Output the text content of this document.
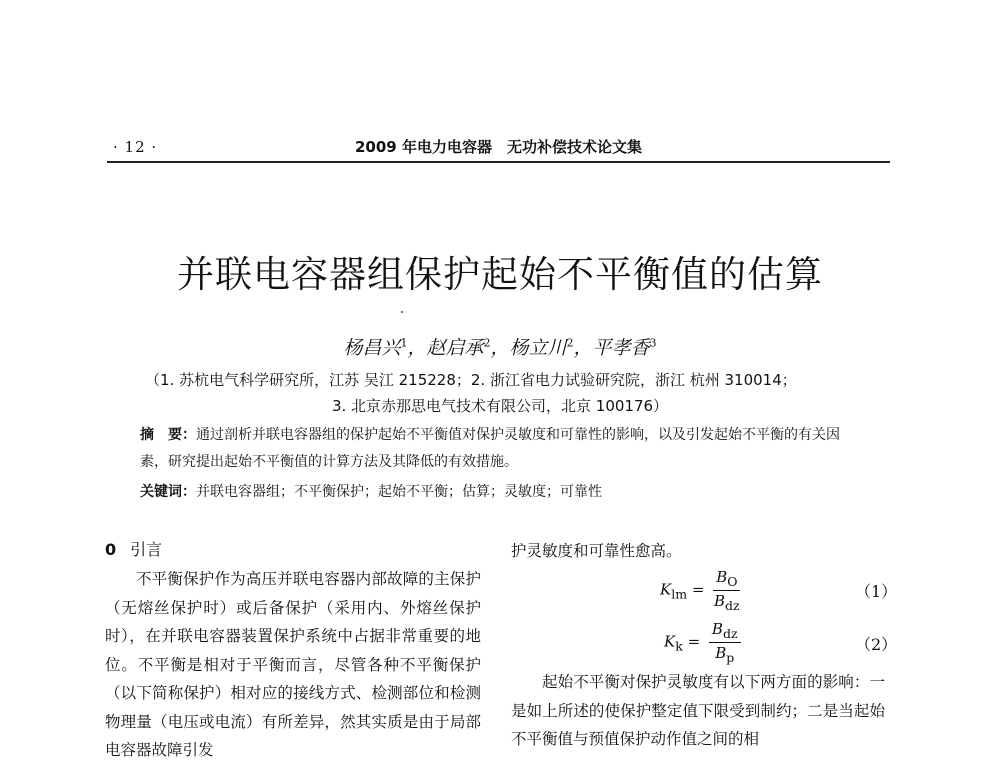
· 12 ·	2009 年电力电容器　无功补偿技术论文集
并联电容器组保护起始不平衡值的估算
杨昌兴$^1$，赵启承$^2$，杨立川$^2$，平孝香$^3$
（1. 苏杭电气科学研究所，江苏 吴江 215228；2. 浙江省电力试验研究院，浙江 杭州 310014；
3. 北京赤那思电气技术有限公司，北京 100176）
摘　要：通过剖析并联电容器组的保护起始不平衡值对保护灵敏度和可靠性的影响，以及引发起始不平衡的有关因素，研究提出起始不平衡值的计算方法及其降低的有效措施。
关键词：并联电容器组；不平衡保护；起始不平衡；估算；灵敏度；可靠性
0 引言

不平衡保护作为高压并联电容器内部故障的主保护（无熔丝保护时）或后备保护（采用内、外熔丝保护时），在并联电容器装置保护系统中占据非常重要的地位。不平衡是相对于平衡而言，尽管各种不平衡保护（以下简称保护）相对应的接线方式、检测部位和检测物理量（电压或电流）有所差异，然其实质是由于局部电容器故障引发

护灵敏度和可靠性愈高。
$K_{lm} = \frac{B_O}{B_{dz}}$	（1）
$K_k = \frac{B_{dz}}{B_p}$	（2）

起始不平衡对保护灵敏度有以下两方面的影响：一是如上所述的使保护整定值下限受到制约；二是当起始不平衡值与预值保护动作值之间的相
